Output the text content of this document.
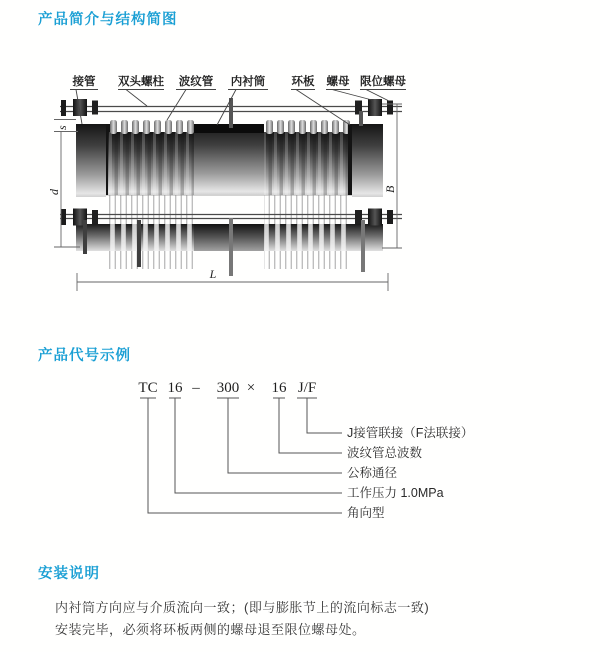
产品简介与结构简图
s
d	B
L
接管 双头螺柱 波纹管 内衬筒 环板 螺母 限位螺母
产品代号示例
TC 16 – 300 × 16 J/F
J接管联接（F法联接）
波纹管总波数
公称通径
工作压力 1.0MPa
角向型
安装说明

内衬筒方向应与介质流向一致；(即与膨胀节上的流向标志一致)

安装完毕，必须将环板两侧的螺母退至限位螺母处。
